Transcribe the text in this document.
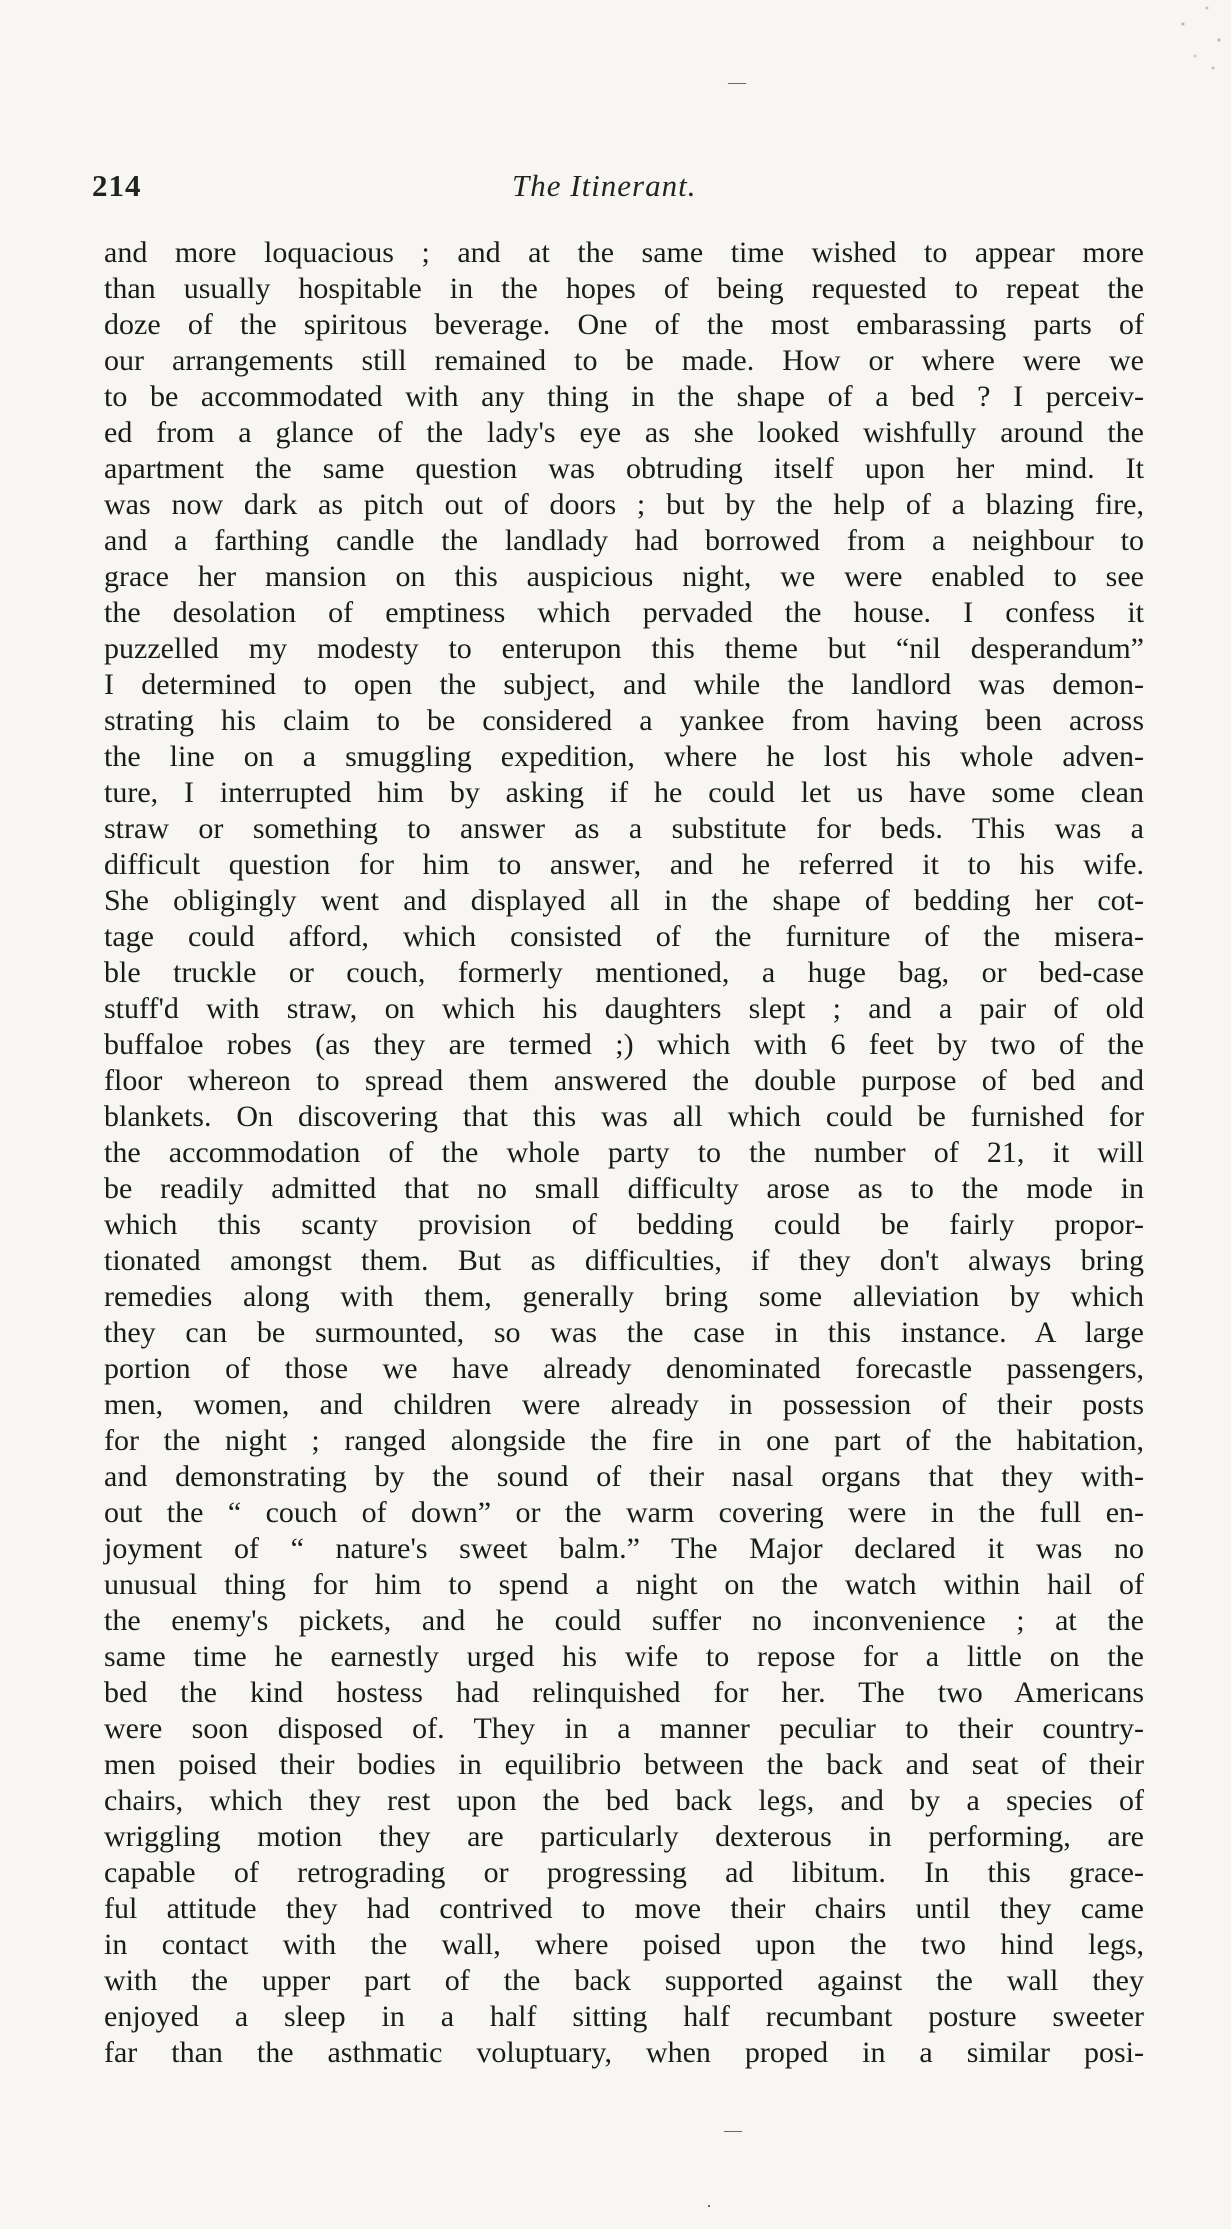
—
214	The Itinerant.
and more loquacious ; and at the same time wished to appear more
than usually hospitable in the hopes of being requested to repeat the
doze of the spiritous beverage. One of the most embarassing parts of
our arrangements still remained to be made. How or where were we
to be accommodated with any thing in the shape of a bed ? I perceiv-
ed from a glance of the lady's eye as she looked wishfully around the
apartment the same question was obtruding itself upon her mind. It
was now dark as pitch out of doors ; but by the help of a blazing fire,
and a farthing candle the landlady had borrowed from a neighbour to
grace her mansion on this auspicious night, we were enabled to see
the desolation of emptiness which pervaded the house. I confess it
puzzelled my modesty to enterupon this theme but “nil desperandum”
I determined to open the subject, and while the landlord was demon-
strating his claim to be considered a yankee from having been across
the line on a smuggling expedition, where he lost his whole adven-
ture, I interrupted him by asking if he could let us have some clean
straw or something to answer as a substitute for beds. This was a
difficult question for him to answer, and he referred it to his wife.
She obligingly went and displayed all in the shape of bedding her cot-
tage could afford, which consisted of the furniture of the misera-
ble truckle or couch, formerly mentioned, a huge bag, or bed-case
stuff'd with straw, on which his daughters slept ; and a pair of old
buffaloe robes (as they are termed ;) which with 6 feet by two of the
floor whereon to spread them answered the double purpose of bed and
blankets. On discovering that this was all which could be furnished for
the accommodation of the whole party to the number of 21, it will
be readily admitted that no small difficulty arose as to the mode in
which this scanty provision of bedding could be fairly propor-
tionated amongst them. But as difficulties, if they don't always bring
remedies along with them, generally bring some alleviation by which
they can be surmounted, so was the case in this instance. A large
portion of those we have already denominated forecastle passengers,
men, women, and children were already in possession of their posts
for the night ; ranged alongside the fire in one part of the habitation,
and demonstrating by the sound of their nasal organs that they with-
out the “ couch of down” or the warm covering were in the full en-
joyment of “ nature's sweet balm.” The Major declared it was no
unusual thing for him to spend a night on the watch within hail of
the enemy's pickets, and he could suffer no inconvenience ; at the
same time he earnestly urged his wife to repose for a little on the
bed the kind hostess had relinquished for her. The two Americans
were soon disposed of. They in a manner peculiar to their country-
men poised their bodies in equilibrio between the back and seat of their
chairs, which they rest upon the bed back legs, and by a species of
wriggling motion they are particularly dexterous in performing, are
capable of retrograding or progressing ad libitum. In this grace-
ful attitude they had contrived to move their chairs until they came
in contact with the wall, where poised upon the two hind legs,
with the upper part of the back supported against the wall they
enjoyed a sleep in a half sitting half recumbant posture sweeter
far than the asthmatic voluptuary, when proped in a similar posi-
—
·
